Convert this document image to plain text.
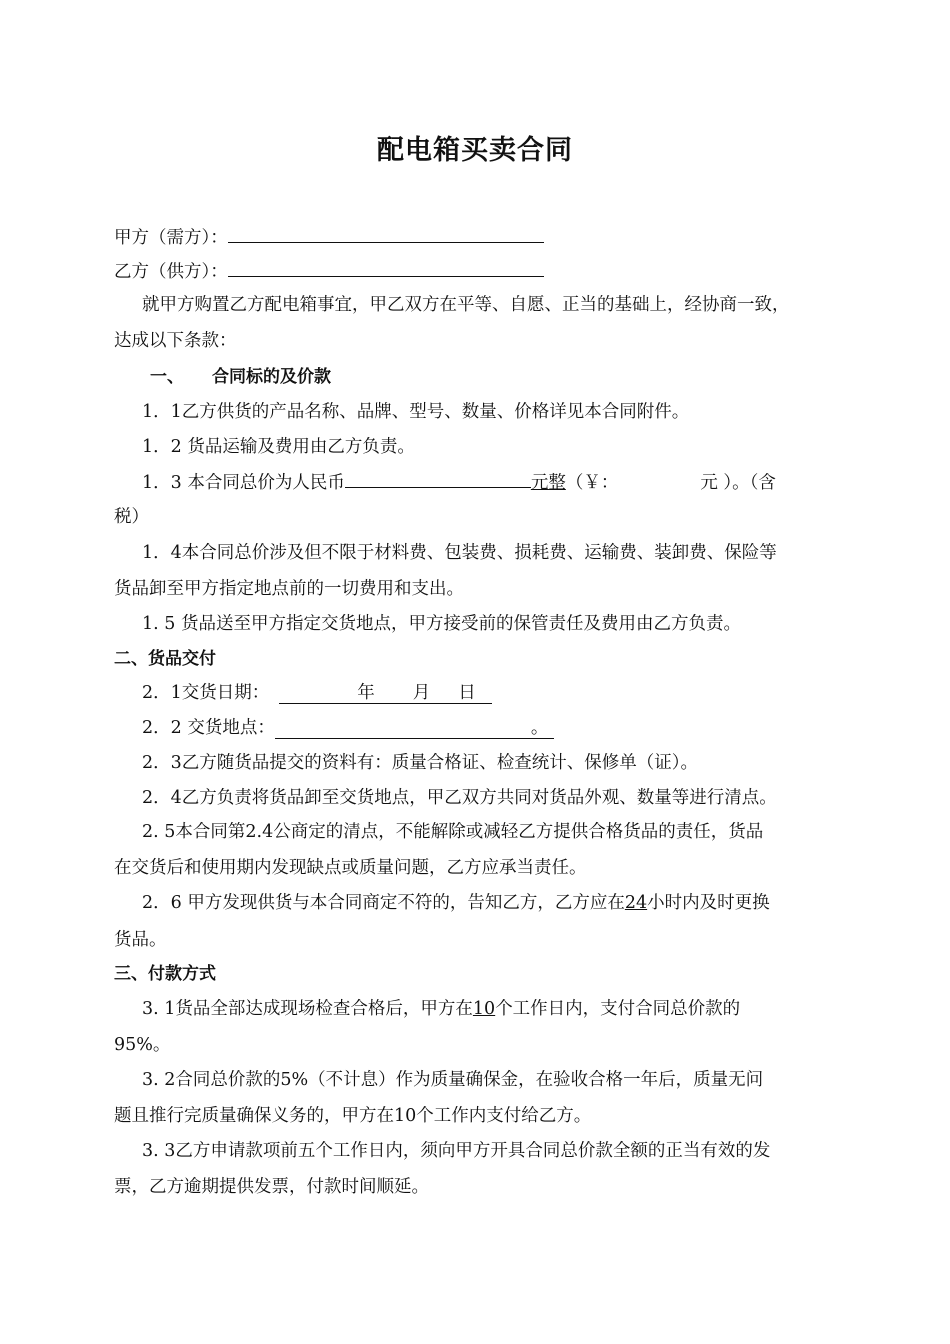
配电箱买卖合同
甲方（需方）：
乙方（供方）：
就甲方购置乙方配电箱事宜，甲乙双方在平等、自愿、正当的基础上，经协商一致，
达成以下条款：
一、 合同标的及价款
1．1乙方供货的产品名称、品牌、型号、数量、价格详见本合同附件。
1．2 货品运输及费用由乙方负责。
1．3 本合同总价为人民币	元整（￥：	元 ）。（含
税）
1．4本合同总价涉及但不限于材料费、包装费、损耗费、运输费、装卸费、保险等
货品卸至甲方指定地点前的一切费用和支出。
1. 5 货品送至甲方指定交货地点，甲方接受前的保管责任及费用由乙方负责。
二、货品交付
2．1交货日期：	年 月 日
2．2 交货地点：	。
2．3乙方随货品提交的资料有：质量合格证、检查统计、保修单（证）。
2．4乙方负责将货品卸至交货地点，甲乙双方共同对货品外观、数量等进行清点。
2. 5本合同第2.4公商定的清点，不能解除或减轻乙方提供合格货品的责任，货品
在交货后和使用期内发现缺点或质量问题，乙方应承当责任。
2．6 甲方发现供货与本合同商定不符的，告知乙方，乙方应在24小时内及时更换
货品。
三、付款方式
3. 1货品全部达成现场检查合格后，甲方在10个工作日内，支付合同总价款的
95%。
3. 2合同总价款的5%（不计息）作为质量确保金，在验收合格一年后，质量无问
题且推行完质量确保义务的，甲方在10个工作内支付给乙方。
3. 3乙方申请款项前五个工作日内，须向甲方开具合同总价款全额的正当有效的发
票，乙方逾期提供发票，付款时间顺延。
